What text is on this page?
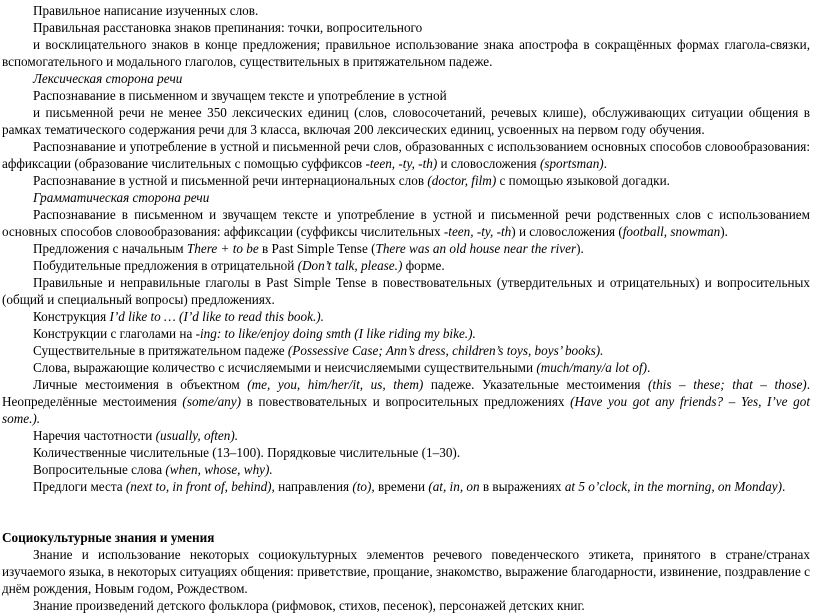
Правильное написание изученных слов.

Правильная расстановка знаков препинания: точки, вопросительного

и восклицательного знаков в конце предложения; правильное использование знака апострофа в сокращённых формах глагола-связки, вспомогательного и модального глаголов, существительных в притяжательном падеже.

Лексическая сторона речи

Распознавание в письменном и звучащем тексте и употребление в устной

и письменной речи не менее 350 лексических единиц (слов, словосочетаний, речевых клише), обслуживающих ситуации общения в рамках тематического содержания речи для 3 класса, включая 200 лексических единиц, усвоенных на первом году обучения.

Распознавание и употребление в устной и письменной речи слов, образованных с использованием основных способов словообразования: аффиксации (образование числительных с помощью суффиксов -teen, -ty, -th) и словосложения (sportsman).

Распознавание в устной и письменной речи интернациональных слов (doctor, film) с помощью языковой догадки.

Грамматическая сторона речи

Распознавание в письменном и звучащем тексте и употребление в устной и письменной речи родственных слов с использованием основных способов словообразования: аффиксации (суффиксы числительных -teen, -ty, -th) и словосложения (football, snowman).

Предложения с начальным There + to be в Past Simple Tense (There was an old house near the river).

Побудительные предложения в отрицательной (Don’t talk, please.) форме.

Правильные и неправильные глаголы в Past Simple Tense в повествовательных (утвердительных и отрицательных) и вопросительных (общий и специальный вопросы) предложениях.

Конструкция I’d like to … (I’d like to read this book.).

Конструкции с глаголами на -ing: to like/enjoy doing smth (I like riding my bike.).

Существительные в притяжательном падеже (Possessive Case; Ann’s dress, children’s toys, boys’ books).

Слова, выражающие количество с исчисляемыми и неисчисляемыми существительными (much/many/a lot of).

Личные местоимения в объектном (me, you, him/her/it, us, them) падеже. Указательные местоимения (this – these; that – those). Неопределённые местоимения (some/any) в повествовательных и вопросительных предложениях (Have you got any friends? – Yes, I’ve got some.).

Наречия частотности (usually, often).

Количественные числительные (13–100). Порядковые числительные (1–30).

Вопросительные слова (when, whose, why).

Предлоги места (next to, in front of, behind), направления (to), времени (at, in, on в выражениях at 5 o’clock, in the morning, on Monday).

Социокультурные знания и умения

Знание и использование некоторых социокультурных элементов речевого поведенческого этикета, принятого в стране/странах изучаемого языка, в некоторых ситуациях общения: приветствие, прощание, знакомство, выражение благодарности, извинение, поздравление с днём рождения, Новым годом, Рождеством.

Знание произведений детского фольклора (рифмовок, стихов, песенок), персонажей детских книг.
